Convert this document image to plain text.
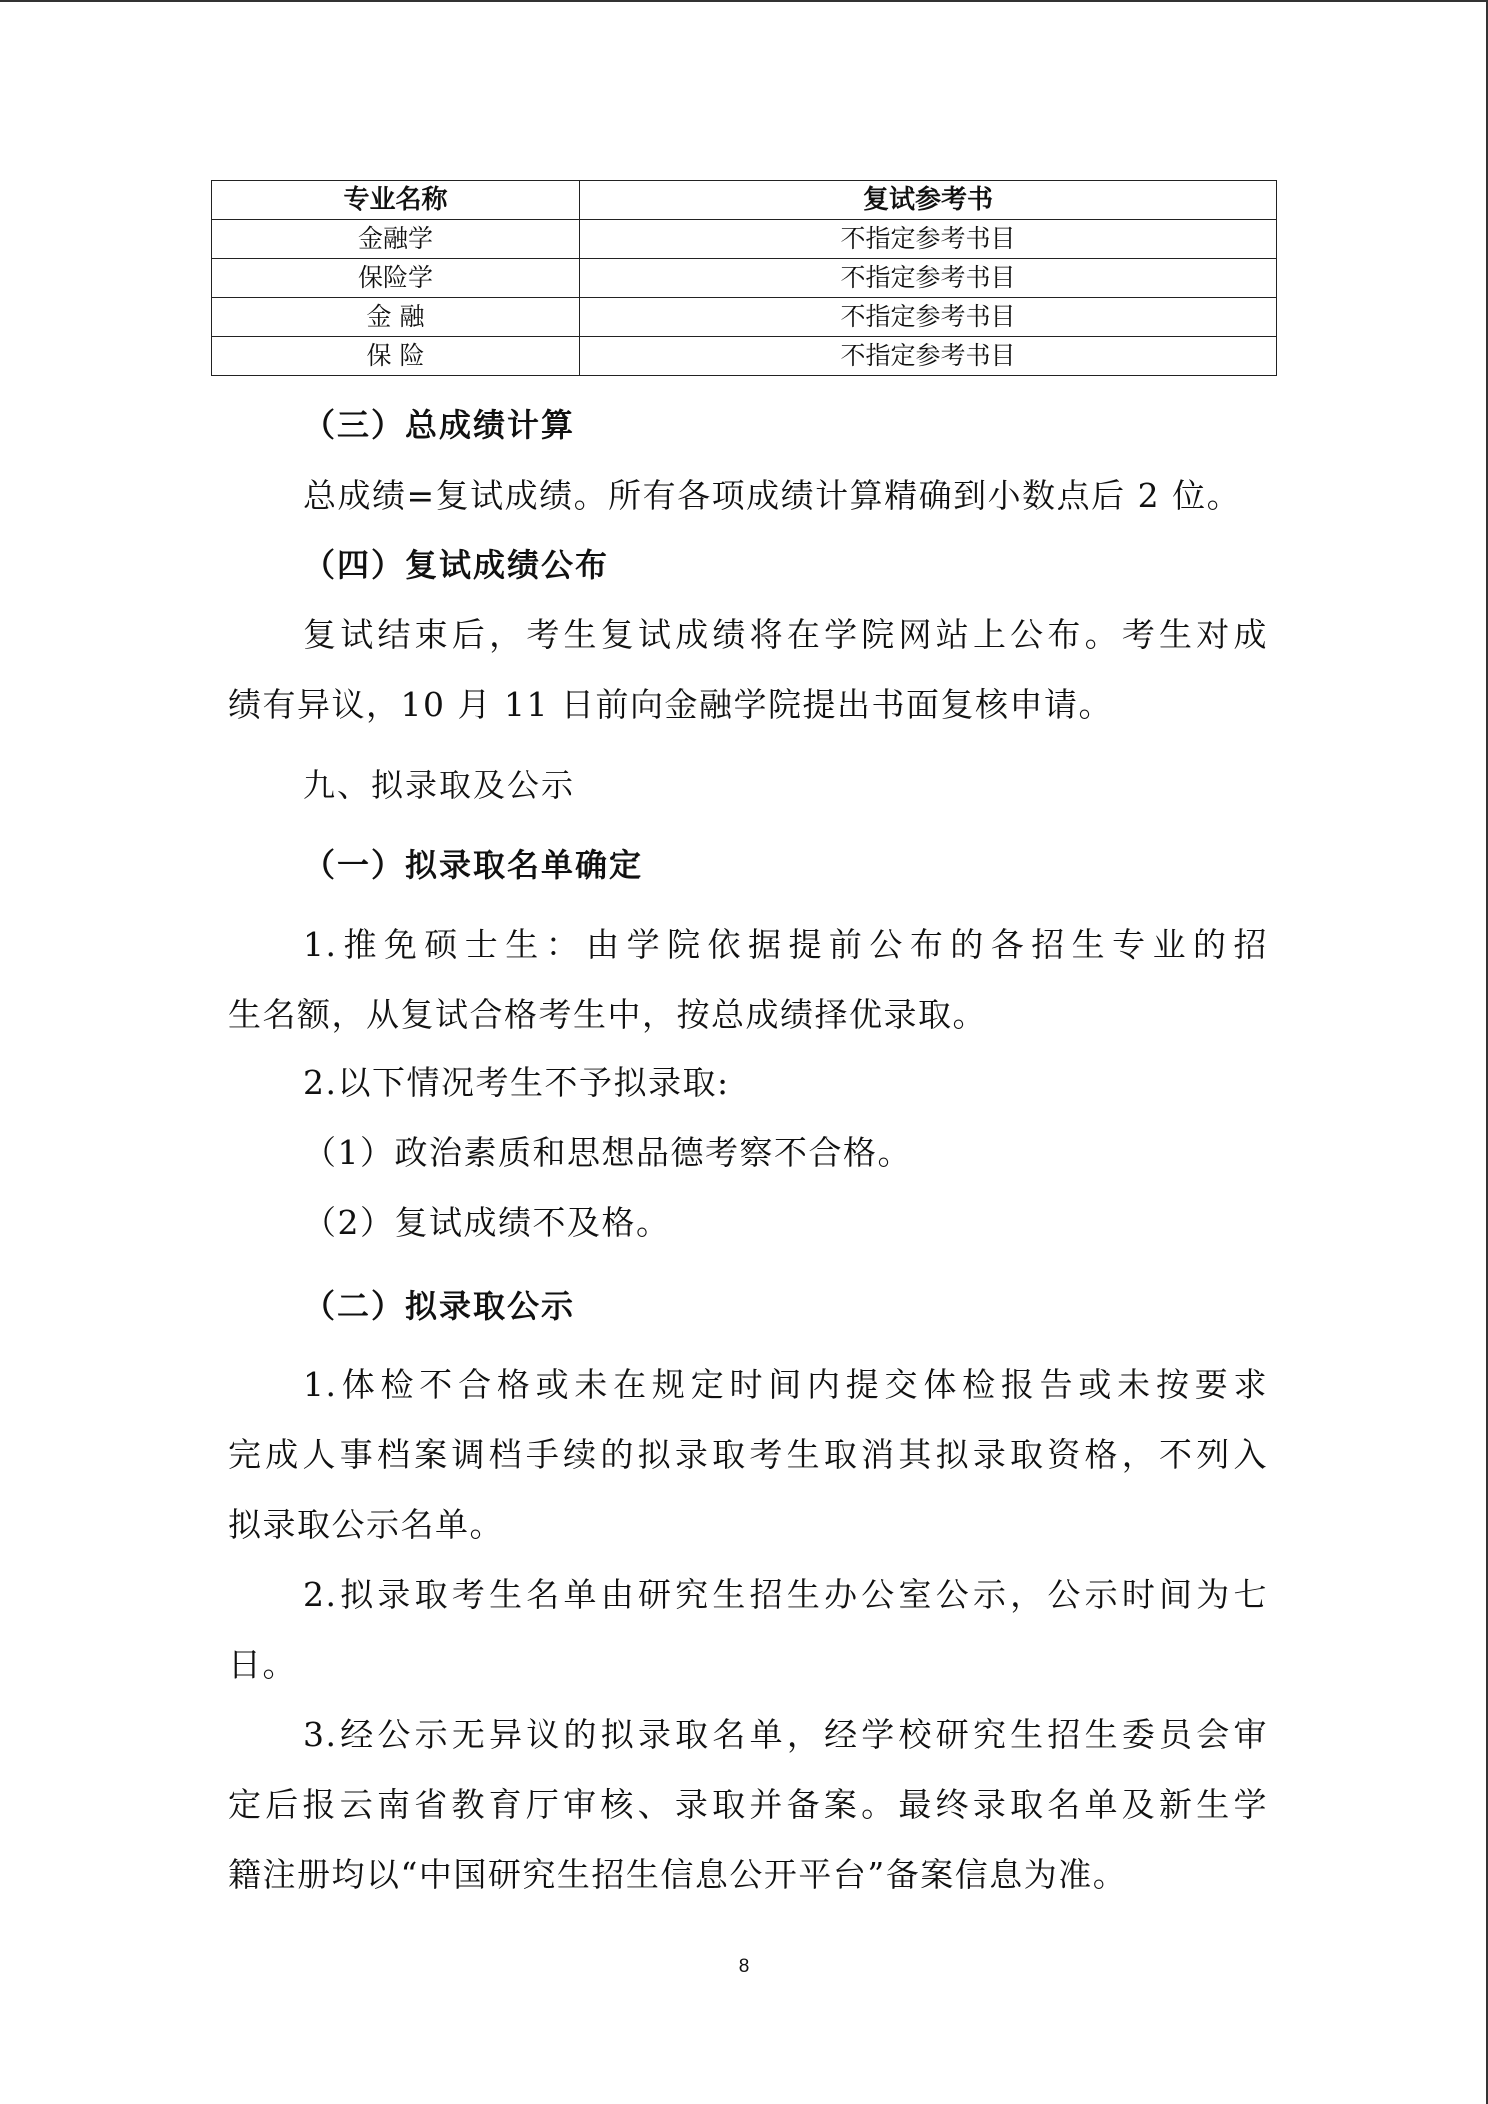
专业名称	复试参考书
金融学	不指定参考书目
保险学	不指定参考书目
金 融	不指定参考书目
保 险	不指定参考书目
（三）总成绩计算
总成绩=复试成绩。所有各项成绩计算精确到小数点后 2 位。
（四）复试成绩公布
复试结束后，考生复试成绩将在学院网站上公布。考生对成
绩有异议，10 月 11 日前向金融学院提出书面复核申请。
九、拟录取及公示
（一）拟录取名单确定
1.推免硕士生：由学院依据提前公布的各招生专业的招
生名额，从复试合格考生中，按总成绩择优录取。
2.以下情况考生不予拟录取:
（1）政治素质和思想品德考察不合格。
（2）复试成绩不及格。
（二）拟录取公示
1.体检不合格或未在规定时间内提交体检报告或未按要求
完成人事档案调档手续的拟录取考生取消其拟录取资格，不列入
拟录取公示名单。
2.拟录取考生名单由研究生招生办公室公示，公示时间为七
日。
3.经公示无异议的拟录取名单，经学校研究生招生委员会审
定后报云南省教育厅审核、录取并备案。最终录取名单及新生学
籍注册均以“中国研究生招生信息公开平台”备案信息为准。
8
